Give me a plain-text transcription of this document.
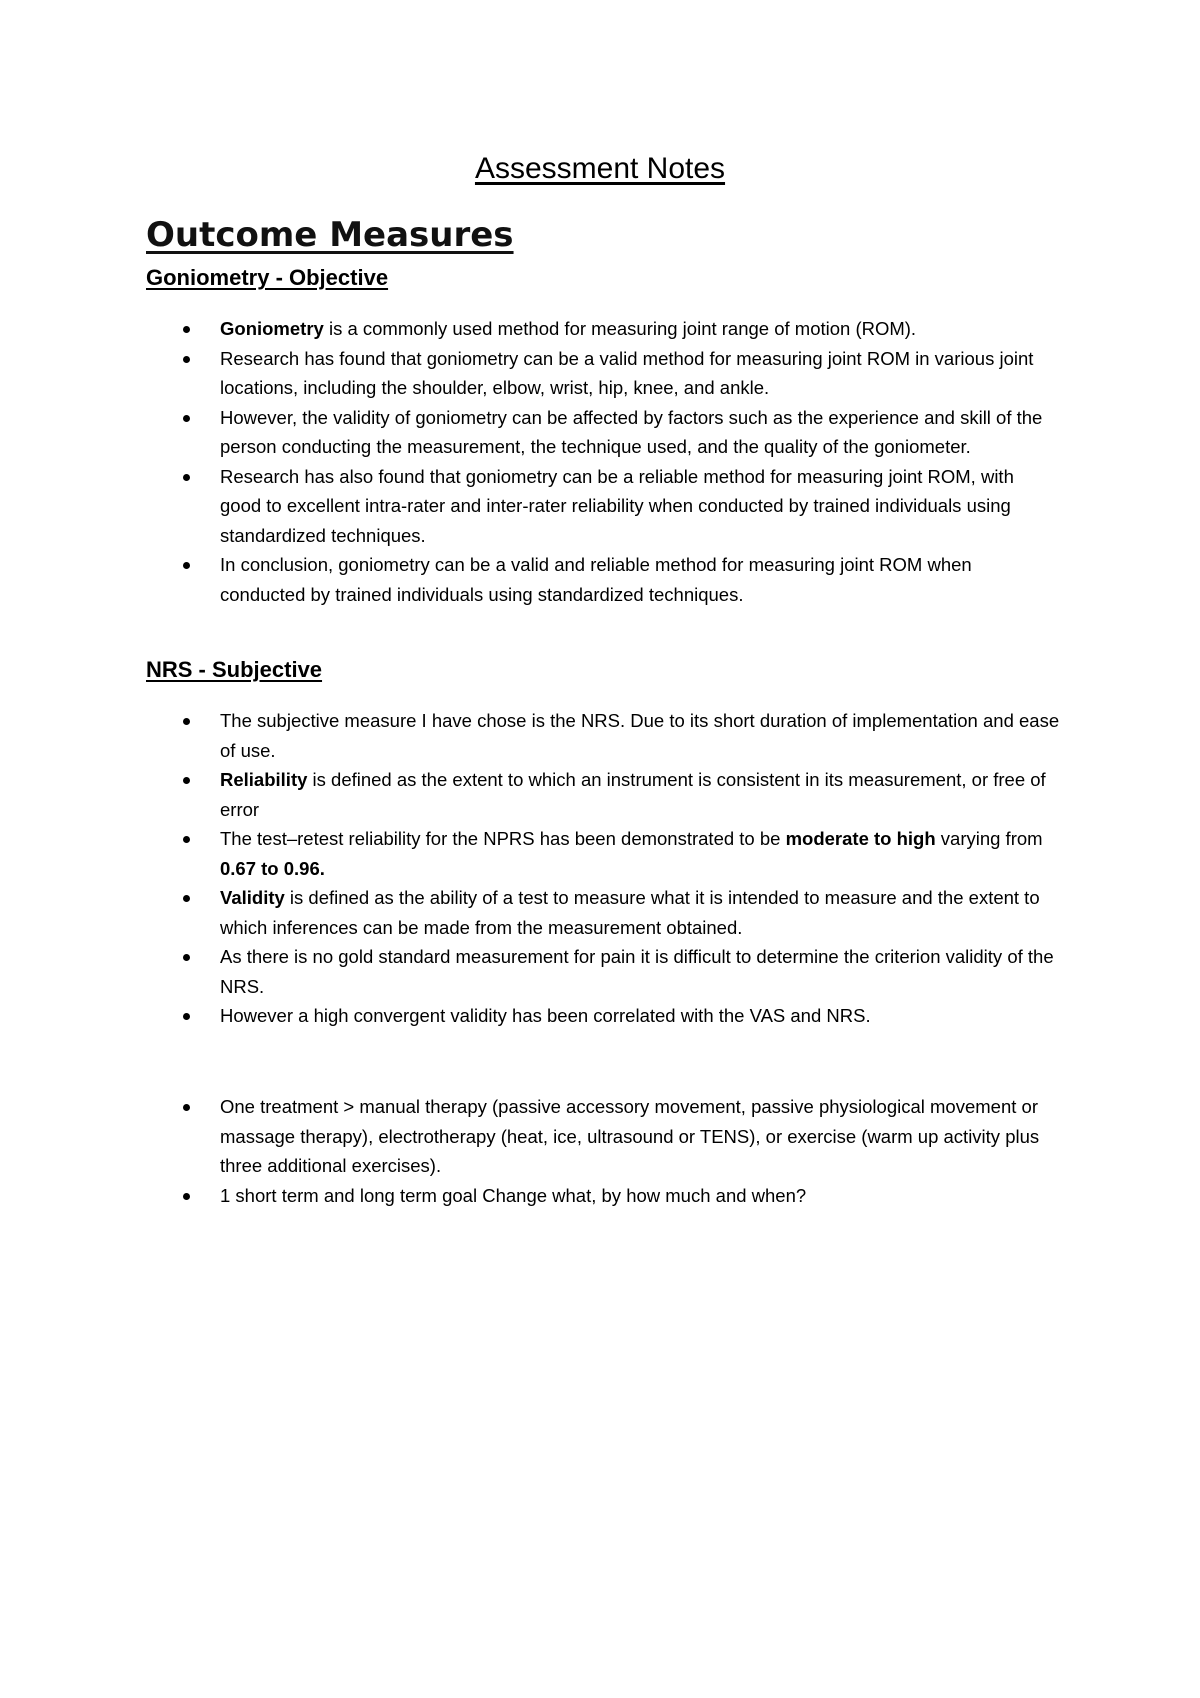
Assessment Notes
Outcome Measures
Goniometry - Objective
Goniometry is a commonly used method for measuring joint range of motion (ROM).
Research has found that goniometry can be a valid method for measuring joint ROM in various joint locations, including the shoulder, elbow, wrist, hip, knee, and ankle.
However, the validity of goniometry can be affected by factors such as the experience and skill of the person conducting the measurement, the technique used, and the quality of the goniometer.
Research has also found that goniometry can be a reliable method for measuring joint ROM, with good to excellent intra-rater and inter-rater reliability when conducted by trained individuals using standardized techniques.
In conclusion, goniometry can be a valid and reliable method for measuring joint ROM when conducted by trained individuals using standardized techniques.
NRS - Subjective
The subjective measure I have chose is the NRS. Due to its short duration of implementation and ease of use.
Reliability is defined as the extent to which an instrument is consistent in its measurement, or free of error
The test–retest reliability for the NPRS has been demonstrated to be moderate to high varying from 0.67 to 0.96.
Validity is defined as the ability of a test to measure what it is intended to measure and the extent to which inferences can be made from the measurement obtained.
As there is no gold standard measurement for pain it is difficult to determine the criterion validity of the NRS.
However a high convergent validity has been correlated with the VAS and NRS.
One treatment > manual therapy (passive accessory movement, passive physiological movement or massage therapy), electrotherapy (heat, ice, ultrasound or TENS), or exercise (warm up activity plus three additional exercises).
1 short term and long term goal Change what, by how much and when?
